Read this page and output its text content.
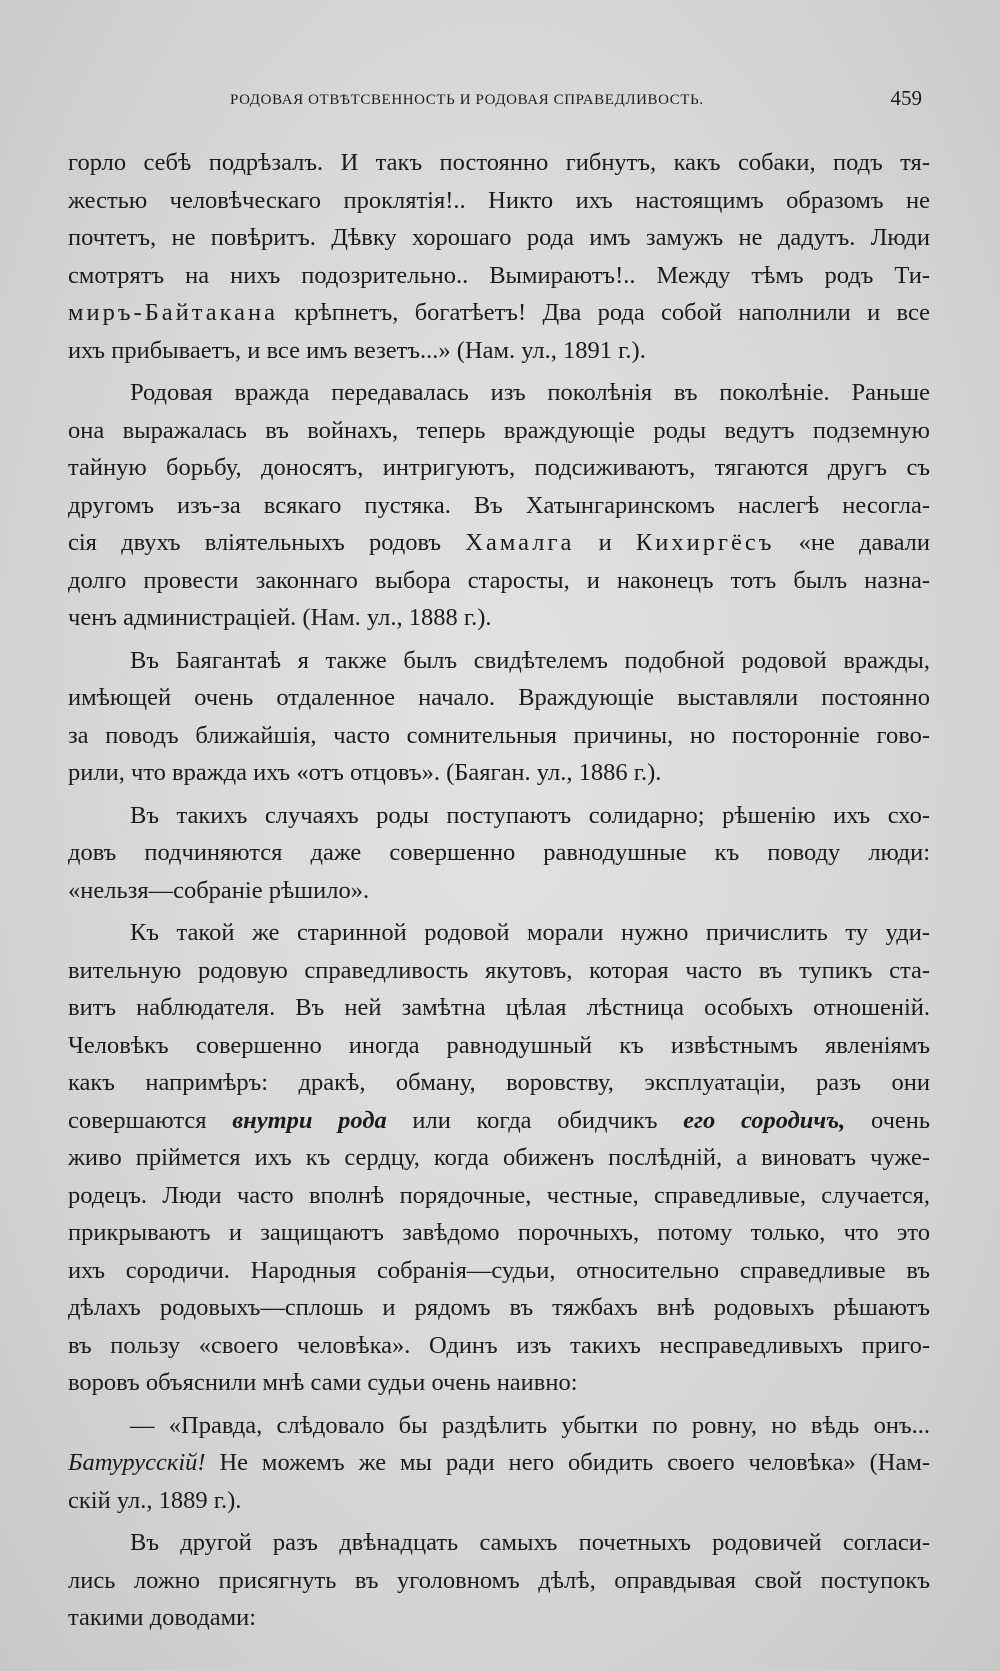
РОДОВАЯ ОТВѢТСВЕННОСТЬ И РОДОВАЯ СПРАВЕДЛИВОСТЬ.	459
горло себѣ подрѣзалъ. И такъ постоянно гибнутъ, какъ собаки, подъ тя-
жестью человѣческаго проклятія!.. Никто ихъ настоящимъ образомъ не
почтетъ, не повѣритъ. Дѣвку хорошаго рода имъ замужъ не дадутъ. Люди
смотрятъ на нихъ подозрительно.. Вымираютъ!.. Между тѣмъ родъ Ти-
миръ-Байтакана крѣпнетъ, богатѣетъ! Два рода собой наполнили и все
ихъ прибываетъ, и все имъ везетъ...» (Нам. ул., 1891 г.).
Родовая вражда передавалась изъ поколѣнія въ поколѣніе. Раньше
она выражалась въ войнахъ, теперь враждующіе роды ведутъ подземную
тайную борьбу, доносятъ, интригуютъ, подсиживаютъ, тягаются другъ съ
другомъ изъ-за всякаго пустяка. Въ Хатынгаринскомъ наслегѣ несогла-
сія двухъ вліятельныхъ родовъ Хамалга и Кихиргёсъ «не давали
долго провести законнаго выбора старосты, и наконецъ тотъ былъ назна-
ченъ администраціей. (Нам. ул., 1888 г.).
Въ Баягантаѣ я также былъ свидѣтелемъ подобной родовой вражды,
имѣющей очень отдаленное начало. Враждующіе выставляли постоянно
за поводъ ближайшія, часто сомнительныя причины, но посторонніе гово-
рили, что вражда ихъ «отъ отцовъ». (Баяган. ул., 1886 г.).
Въ такихъ случаяхъ роды поступаютъ солидарно; рѣшенію ихъ схо-
довъ подчиняются даже совершенно равнодушные къ поводу люди:
«нельзя—собраніе рѣшило».
Къ такой же старинной родовой морали нужно причислить ту уди-
вительную родовую справедливость якутовъ, которая часто въ тупикъ ста-
витъ наблюдателя. Въ ней замѣтна цѣлая лѣстница особыхъ отношеній.
Человѣкъ совершенно иногда равнодушный къ извѣстнымъ явленіямъ
какъ напримѣръ: дракѣ, обману, воровству, эксплуатаціи, разъ они
совершаются внутри рода или когда обидчикъ его сородичъ, очень
живо пріймется ихъ къ сердцу, когда обиженъ послѣдній, а виноватъ чуже-
родецъ. Люди часто вполнѣ порядочные, честные, справедливые, случается,
прикрываютъ и защищаютъ завѣдомо порочныхъ, потому только, что это
ихъ сородичи. Народныя собранія—судьи, относительно справедливые въ
дѣлахъ родовыхъ—сплошь и рядомъ въ тяжбахъ внѣ родовыхъ рѣшаютъ
въ пользу «своего человѣка». Одинъ изъ такихъ несправедливыхъ приго-
воровъ объяснили мнѣ сами судьи очень наивно:
— «Правда, слѣдовало бы раздѣлить убытки по ровну, но вѣдь онъ...
Батурусскій! Не можемъ же мы ради него обидить своего человѣка» (Нам-
скій ул., 1889 г.).
Въ другой разъ двѣнадцать самыхъ почетныхъ родовичей согласи-
лись ложно присягнуть въ уголовномъ дѣлѣ, оправдывая свой поступокъ
такими доводами:
